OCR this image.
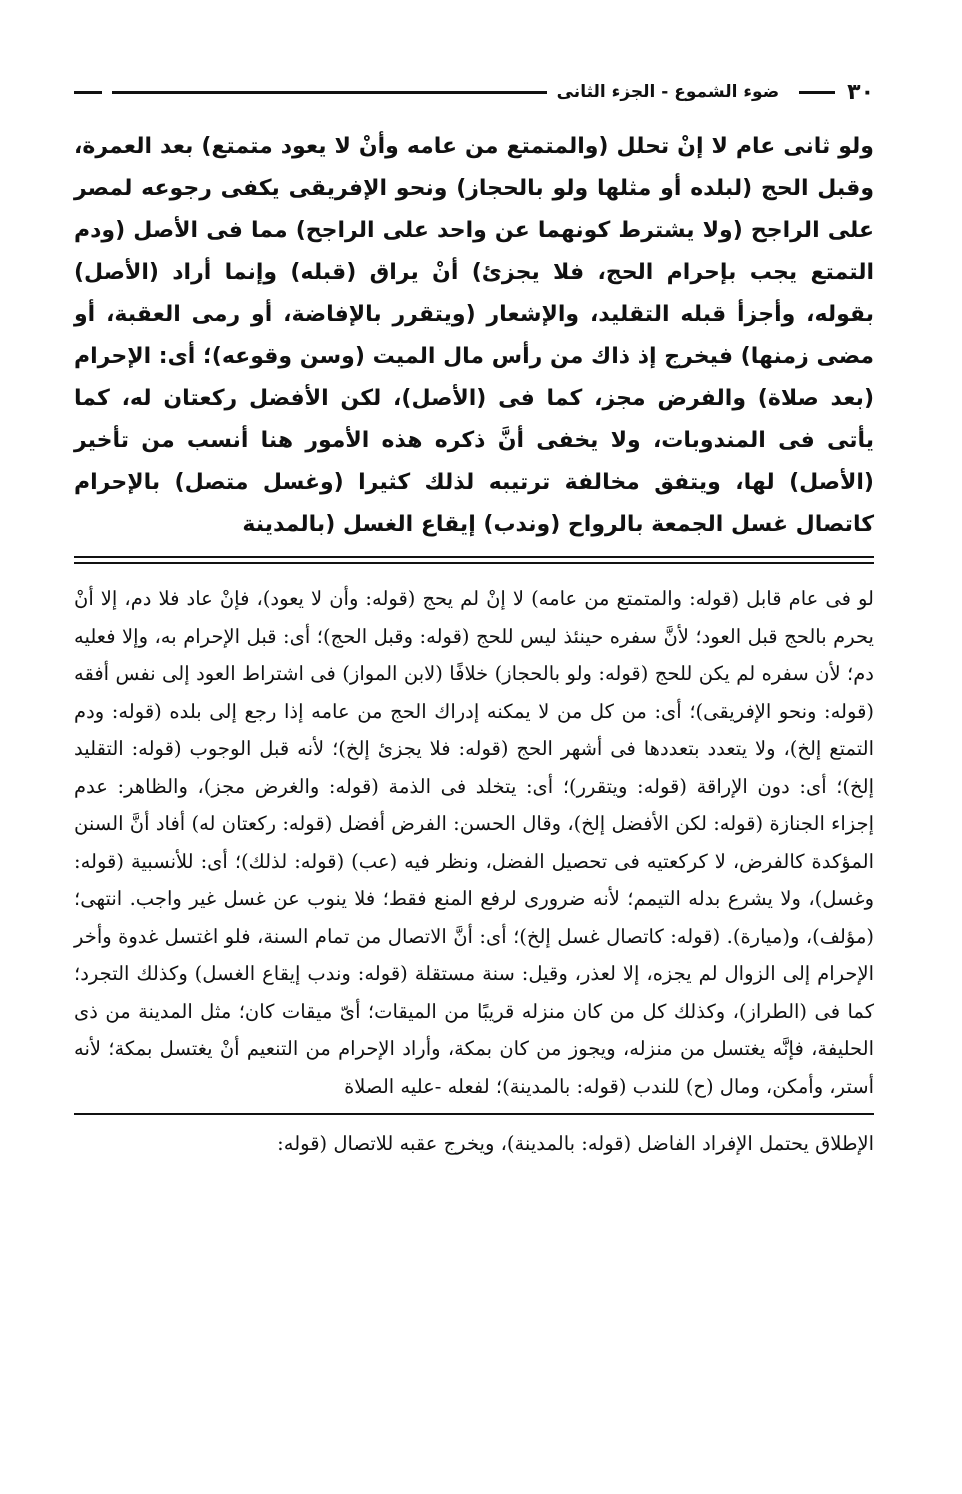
٣٠
ضوء الشموع - الجزء الثانى

ولو ثانى عام لا إنْ تحلل (والمتمتع من عامه وأنْ لا يعود متمتع) بعد العمرة، وقبل الحج (لبلده أو مثلها ولو بالحجاز) ونحو الإفريقى يكفى رجوعه لمصر على الراجح (ولا يشترط كونهما عن واحد على الراجح) مما فى الأصل (ودم التمتع يجب بإحرام الحج، فلا يجزئ) أنْ يراق (قبله) وإنما أراد (الأصل) بقوله، وأجزأ قبله التقليد، والإشعار (ويتقرر بالإفاضة، أو رمى العقبة، أو مضى زمنها) فيخرج إذ ذاك من رأس مال الميت (وسن وقوعه)؛ أى: الإحرام (بعد صلاة) والفرض مجز، كما فى (الأصل)، لكن الأفضل ركعتان له، كما يأتى فى المندوبات، ولا يخفى أنَّ ذكره هذه الأمور هنا أنسب من تأخير (الأصل) لها، ويتفق مخالفة ترتيبه لذلك كثيرا (وغسل متصل) بالإحرام كاتصال غسل الجمعة بالرواح (وندب) إيقاع الغسل (بالمدينة

لو فى عام قابل (قوله: والمتمتع من عامه) لا إنْ لم يحج (قوله: وأن لا يعود)، فإنْ عاد فلا دم، إلا أنْ يحرم بالحج قبل العود؛ لأنَّ سفره حينئذ ليس للحج (قوله: وقبل الحج)؛ أى: قبل الإحرام به، وإلا فعليه دم؛ لأن سفره لم يكن للحج (قوله: ولو بالحجاز) خلافًا (لابن المواز) فى اشتراط العود إلى نفس أفقه (قوله: ونحو الإفريقى)؛ أى: من كل من لا يمكنه إدراك الحج من عامه إذا رجع إلى بلده (قوله: ودم التمتع إلخ)، ولا يتعدد بتعددها فى أشهر الحج (قوله: فلا يجزئ إلخ)؛ لأنه قبل الوجوب (قوله: التقليد إلخ)؛ أى: دون الإراقة (قوله: ويتقرر)؛ أى: يتخلد فى الذمة (قوله: والغرض مجز)، والظاهر: عدم إجزاء الجنازة (قوله: لكن الأفضل إلخ)، وقال الحسن: الفرض أفضل (قوله: ركعتان له) أفاد أنَّ السنن المؤكدة كالفرض، لا كركعتيه فى تحصيل الفضل، ونظر فيه (عب) (قوله: لذلك)؛ أى: للأنسبية (قوله: وغسل)، ولا يشرع بدله التيمم؛ لأنه ضرورى لرفع المنع فقط؛ فلا ينوب عن غسل غير واجب. انتهى؛ (مؤلف)، و(ميارة). (قوله: كاتصال غسل إلخ)؛ أى: أنَّ الاتصال من تمام السنة، فلو اغتسل غدوة وأخر الإحرام إلى الزوال لم يجزه، إلا لعذر، وقيل: سنة مستقلة (قوله: وندب إيقاع الغسل) وكذلك التجرد؛ كما فى (الطراز)، وكذلك كل من كان منزله قريبًا من الميقات؛ أىّ ميقات كان؛ مثل المدينة من ذى الحليفة، فإنَّه يغتسل من منزله، ويجوز من كان بمكة، وأراد الإحرام من التنعيم أنْ يغتسل بمكة؛ لأنه أستر، وأمكن، ومال (ح) للندب (قوله: بالمدينة)؛ لفعله -عليه الصلاة

الإطلاق يحتمل الإفراد الفاضل (قوله: بالمدينة)، ويخرج عقبه للاتصال (قوله:
